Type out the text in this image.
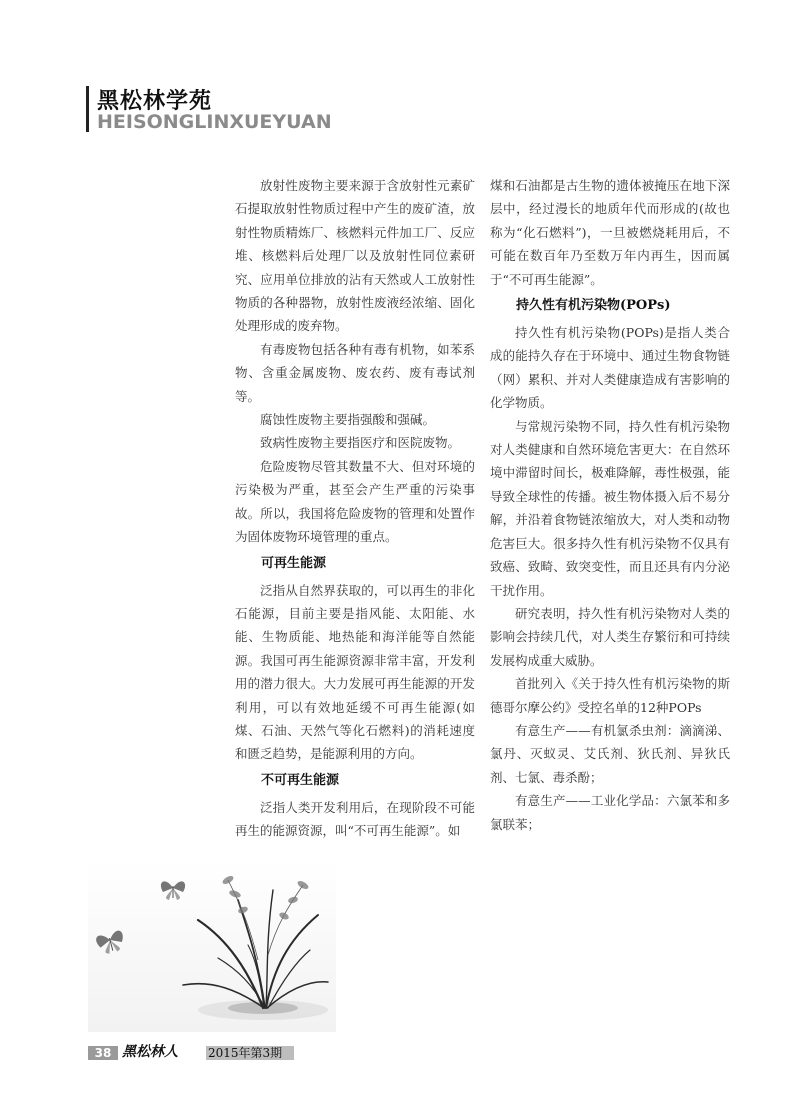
黑松林学苑
HEISONGLINXUEYUAN

放射性废物主要来源于含放射性元素矿石提取放射性物质过程中产生的废矿渣，放射性物质精炼厂、核燃料元件加工厂、反应堆、核燃料后处理厂以及放射性同位素研究、应用单位排放的沾有天然或人工放射性物质的各种器物，放射性废液经浓缩、固化处理形成的废弃物。

有毒废物包括各种有毒有机物，如苯系物、含重金属废物、废农药、废有毒试剂等。

腐蚀性废物主要指强酸和强碱。

致病性废物主要指医疗和医院废物。

危险废物尽管其数量不大、但对环境的污染极为严重，甚至会产生严重的污染事故。所以，我国将危险废物的管理和处置作为固体废物环境管理的重点。

可再生能源

泛指从自然界获取的，可以再生的非化石能源，目前主要是指风能、太阳能、水能、生物质能、地热能和海洋能等自然能源。我国可再生能源资源非常丰富，开发利用的潜力很大。大力发展可再生能源的开发利用，可以有效地延缓不可再生能源(如煤、石油、天然气等化石燃料)的消耗速度和匮乏趋势，是能源利用的方向。

不可再生能源

泛指人类开发利用后，在现阶段不可能再生的能源资源，叫“不可再生能源”。如

煤和石油都是古生物的遗体被掩压在地下深层中，经过漫长的地质年代而形成的(故也称为“化石燃料”)，一旦被燃烧耗用后，不可能在数百年乃至数万年内再生，因而属于“不可再生能源”。

持久性有机污染物(POPs)

持久性有机污染物(POPs)是指人类合成的能持久存在于环境中、通过生物食物链（网）累积、并对人类健康造成有害影响的化学物质。

与常规污染物不同，持久性有机污染物对人类健康和自然环境危害更大：在自然环境中滞留时间长，极难降解，毒性极强，能导致全球性的传播。被生物体摄入后不易分解，并沿着食物链浓缩放大，对人类和动物危害巨大。很多持久性有机污染物不仅具有致癌、致畸、致突变性，而且还具有内分泌干扰作用。

研究表明，持久性有机污染物对人类的影响会持续几代，对人类生存繁衍和可持续发展构成重大威胁。

首批列入《关于持久性有机污染物的斯德哥尔摩公约》受控名单的12种POPs

有意生产——有机氯杀虫剂：滴滴涕、氯丹、灭蚁灵、艾氏剂、狄氏剂、异狄氏剂、七氯、毒杀酚；

有意生产——工业化学品：六氯苯和多氯联苯；

38 黑松林人	2015年第3期
